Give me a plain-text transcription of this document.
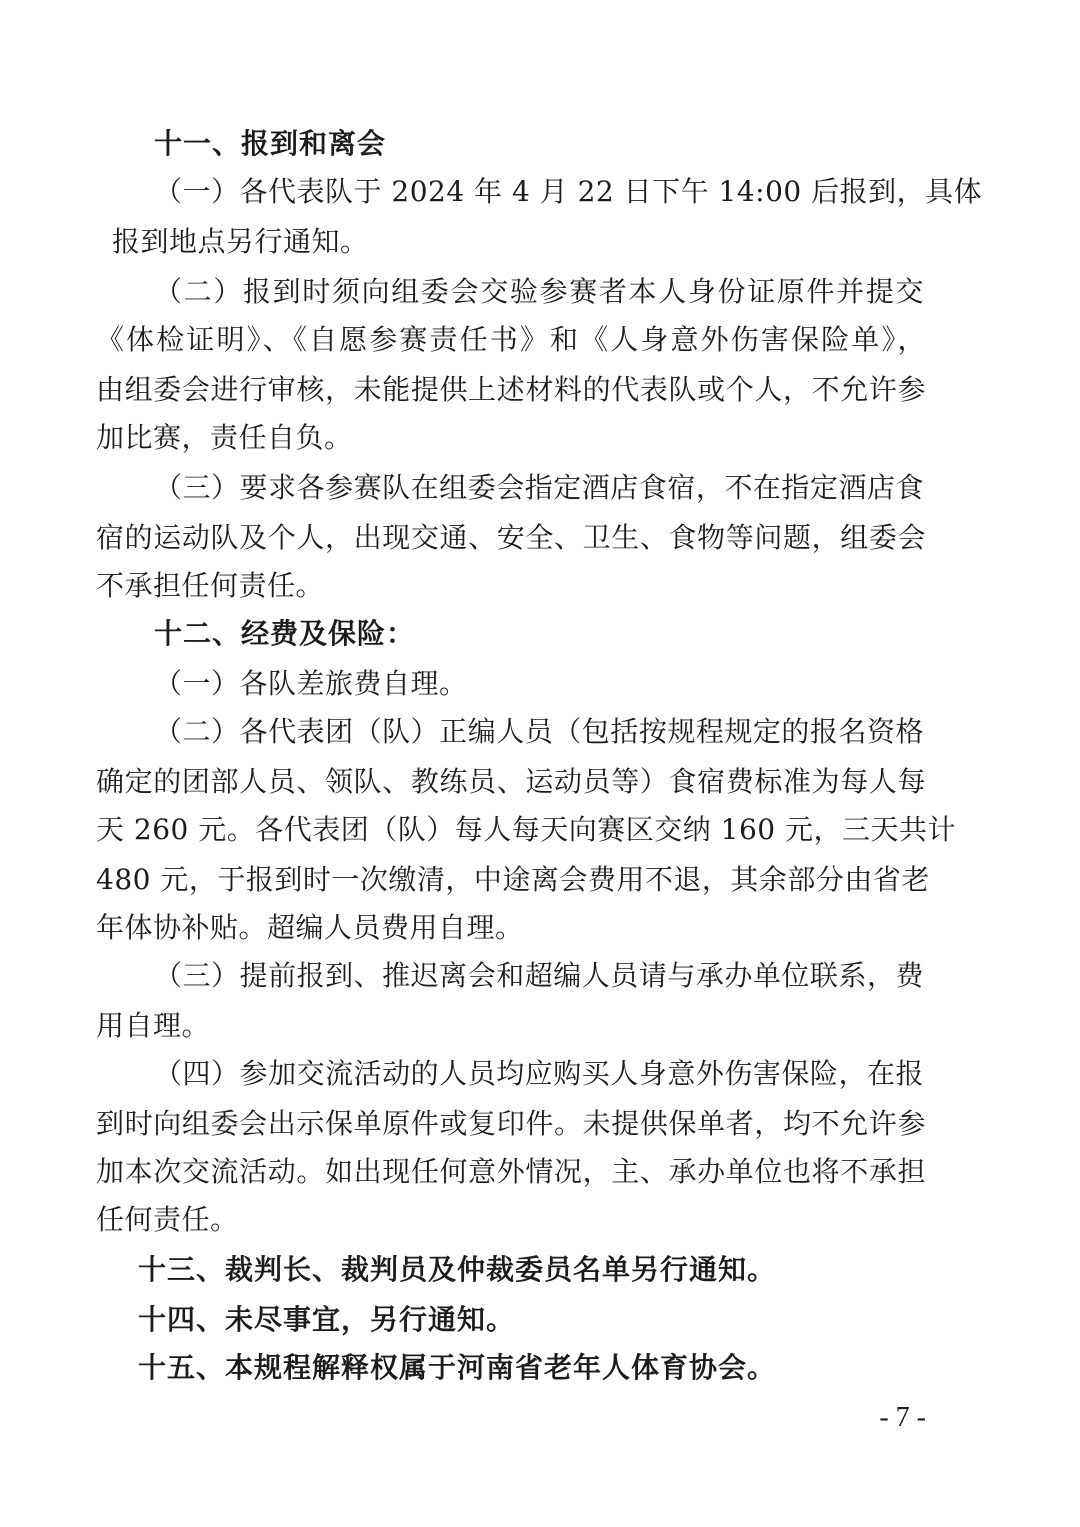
十一、报到和离会
（一）各代表队于 2024 年 4 月 22 日下午 14:00 后报到，具体
报到地点另行通知。
（二）报到时须向组委会交验参赛者本人身份证原件并提交
《体检证明》、《自愿参赛责任书》和《人身意外伤害保险单》，
由组委会进行审核，未能提供上述材料的代表队或个人，不允许参
加比赛，责任自负。
（三）要求各参赛队在组委会指定酒店食宿，不在指定酒店食
宿的运动队及个人，出现交通、安全、卫生、食物等问题，组委会
不承担任何责任。
十二、经费及保险：
（一）各队差旅费自理。
（二）各代表团（队）正编人员（包括按规程规定的报名资格
确定的团部人员、领队、教练员、运动员等）食宿费标准为每人每
天 260 元。各代表团（队）每人每天向赛区交纳 160 元，三天共计
480 元，于报到时一次缴清，中途离会费用不退，其余部分由省老
年体协补贴。超编人员费用自理。
（三）提前报到、推迟离会和超编人员请与承办单位联系，费
用自理。
（四）参加交流活动的人员均应购买人身意外伤害保险，在报
到时向组委会出示保单原件或复印件。未提供保单者，均不允许参
加本次交流活动。如出现任何意外情况，主、承办单位也将不承担
任何责任。
十三、裁判长、裁判员及仲裁委员名单另行通知。
十四、未尽事宜，另行通知。
十五、本规程解释权属于河南省老年人体育协会。
- 7 -
